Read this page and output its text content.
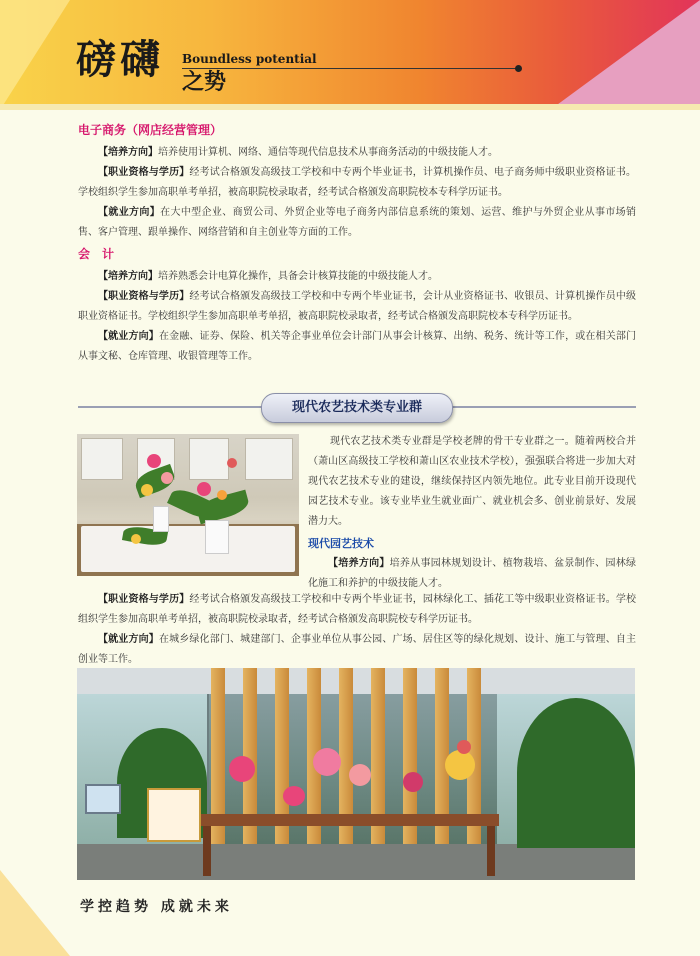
磅礴 Boundless potential
之势
电子商务（网店经营管理）

【培养方向】培养使用计算机、网络、通信等现代信息技术从事商务活动的中级技能人才。

【职业资格与学历】经考试合格颁发高级技工学校和中专两个毕业证书，计算机操作员、电子商务师中级职业资格证书。学校组织学生参加高职单考单招，被高职院校录取者，经考试合格颁发高职院校本专科学历证书。

【就业方向】在大中型企业、商贸公司、外贸企业等电子商务内部信息系统的策划、运营、维护与外贸企业从事市场销售、客户管理、跟单操作、网络营销和自主创业等方面的工作。

会　计

【培养方向】培养熟悉会计电算化操作，具备会计核算技能的中级技能人才。

【职业资格与学历】经考试合格颁发高级技工学校和中专两个毕业证书，会计从业资格证书、收银员、计算机操作员中级职业资格证书。学校组织学生参加高职单考单招，被高职院校录取者，经考试合格颁发高职院校本专科学历证书。

【就业方向】在金融、证券、保险、机关等企事业单位会计部门从事会计核算、出纳、税务、统计等工作，或在相关部门从事文秘、仓库管理、收银管理等工作。

现代农艺技术类专业群

现代农艺技术类专业群是学校老牌的骨干专业群之一。随着两校合并（萧山区高级技工学校和萧山区农业技术学校），强强联合将进一步加大对现代农艺技术专业的建设，继续保持区内领先地位。此专业目前开设现代园艺技术专业。该专业毕业生就业面广、就业机会多、创业前景好、发展潜力大。

现代园艺技术

【培养方向】培养从事园林规划设计、植物栽培、盆景制作、园林绿化施工和养护的中级技能人才。

【职业资格与学历】经考试合格颁发高级技工学校和中专两个毕业证书，园林绿化工、插花工等中级职业资格证书。学校组织学生参加高职单考单招，被高职院校录取者，经考试合格颁发高职院校专科学历证书。

【就业方向】在城乡绿化部门、城建部门、企事业单位从事公园、广场、居住区等的绿化规划、设计、施工与管理、自主创业等工作。

学控趋势 成就未来
